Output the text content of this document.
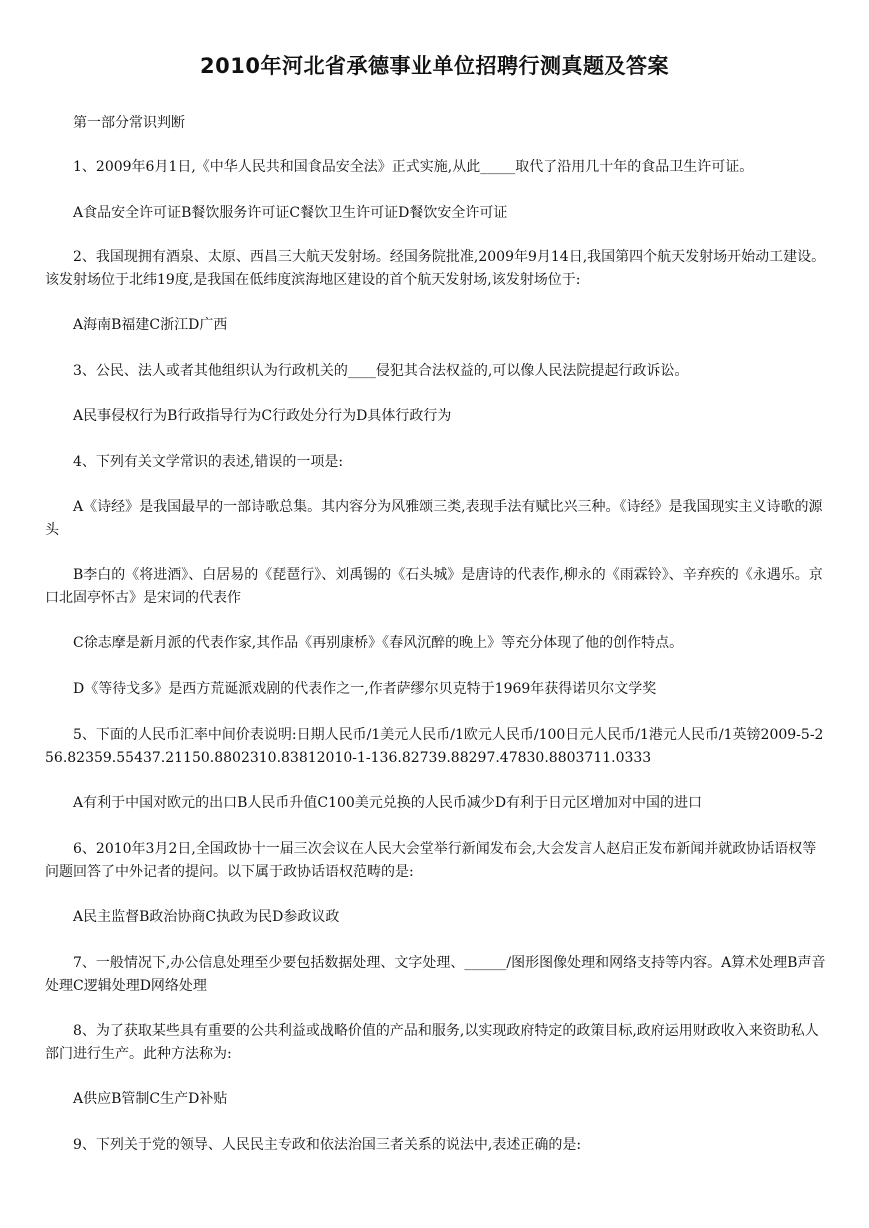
2010年河北省承德事业单位招聘行测真题及答案

第一部分常识判断

1、2009年6月1日,《中华人民共和国食品安全法》正式实施,从此_____取代了沿用几十年的食品卫生许可证。

A食品安全许可证B餐饮服务许可证C餐饮卫生许可证D餐饮安全许可证

2、我国现拥有酒泉、太原、西昌三大航天发射场。经国务院批准,2009年9月14日,我国第四个航天发射场开始动工建设。该发射场位于北纬19度,是我国在低纬度滨海地区建设的首个航天发射场,该发射场位于:

A海南B福建C浙江D广西

3、公民、法人或者其他组织认为行政机关的____侵犯其合法权益的,可以像人民法院提起行政诉讼。

A民事侵权行为B行政指导行为C行政处分行为D具体行政行为

4、下列有关文学常识的表述,错误的一项是:

A《诗经》是我国最早的一部诗歌总集。其内容分为风雅颂三类,表现手法有赋比兴三种。《诗经》是我国现实主义诗歌的源头

B李白的《将进酒》、白居易的《琵琶行》、刘禹锡的《石头城》是唐诗的代表作,柳永的《雨霖铃》、辛弃疾的《永遇乐。京口北固亭怀古》是宋词的代表作

C徐志摩是新月派的代表作家,其作品《再别康桥》《春风沉醉的晚上》等充分体现了他的创作特点。

D《等待戈多》是西方荒诞派戏剧的代表作之一,作者萨缪尔贝克特于1969年获得诺贝尔文学奖

5、下面的人民币汇率中间价表说明:日期人民币/1美元人民币/1欧元人民币/100日元人民币/1港元人民币/1英镑2009-5-256.82359.55437.21150.8802310.83812010-1-136.82739.88297.47830.8803711.0333

A有利于中国对欧元的出口B人民币升值C100美元兑换的人民币减少D有利于日元区增加对中国的进口

6、2010年3月2日,全国政协十一届三次会议在人民大会堂举行新闻发布会,大会发言人赵启正发布新闻并就政协话语权等问题回答了中外记者的提问。以下属于政协话语权范畴的是:

A民主监督B政治协商C执政为民D参政议政

7、一般情况下,办公信息处理至少要包括数据处理、文字处理、______/图形图像处理和网络支持等内容。A算术处理B声音处理C逻辑处理D网络处理

8、为了获取某些具有重要的公共利益或战略价值的产品和服务,以实现政府特定的政策目标,政府运用财政收入来资助私人部门进行生产。此种方法称为:

A供应B管制C生产D补贴

9、下列关于党的领导、人民民主专政和依法治国三者关系的说法中,表述正确的是:
